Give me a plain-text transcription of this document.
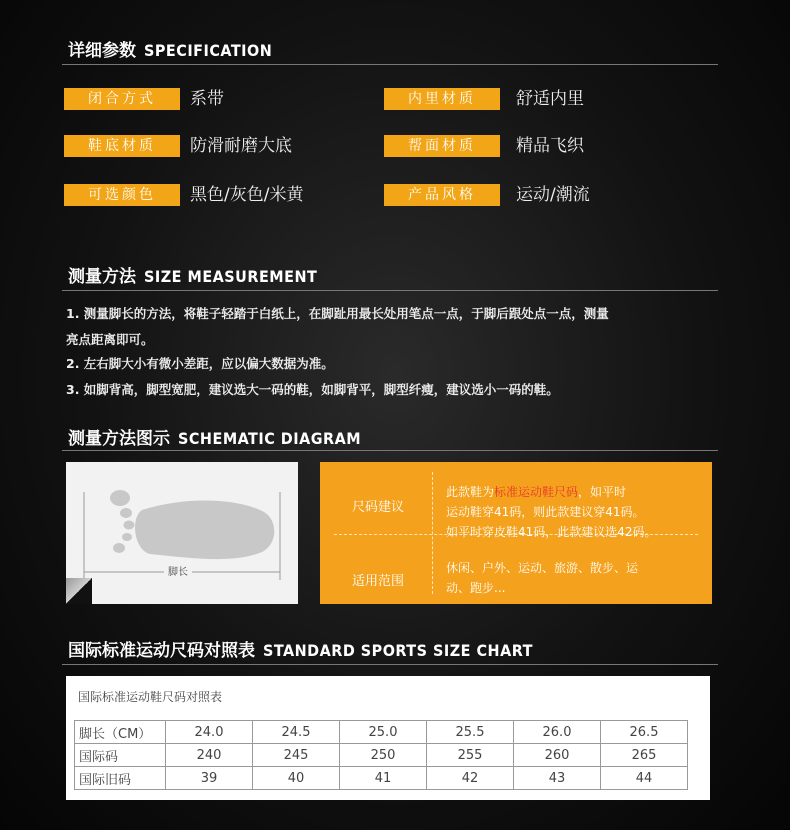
详细参数 SPECIFICATION
闭合方式	系带	内里材质	舒适内里
鞋底材质	防滑耐磨大底	帮面材质	精品飞织
可选颜色	黑色/灰色/米黄	产品风格	运动/潮流
测量方法 SIZE MEASUREMENT
1. 测量脚长的方法，将鞋子轻踏于白纸上，在脚趾用最长处用笔点一点，于脚后跟处点一点，测量
亮点距离即可。
2. 左右脚大小有微小差距，应以偏大数据为准。
3. 如脚背高，脚型宽肥，建议选大一码的鞋，如脚背平，脚型纤瘦，建议选小一码的鞋。
测量方法图示 SCHEMATIC DIAGRAM
脚长
尺码建议
此款鞋为标准运动鞋尺码，如平时
运动鞋穿41码，则此款建议穿41码。
如平时穿皮鞋41码，此款建议选42码。
适用范围
休闲、户外、运动、旅游、散步、运
动、跑步...
国际标准运动尺码对照表 STANDARD SPORTS SIZE CHART
国际标准运动鞋尺码对照表
脚长（CM）	24.0	24.5	25.0	25.5	26.0	26.5
国际码	240	245	250	255	260	265
国际旧码	39	40	41	42	43	44
